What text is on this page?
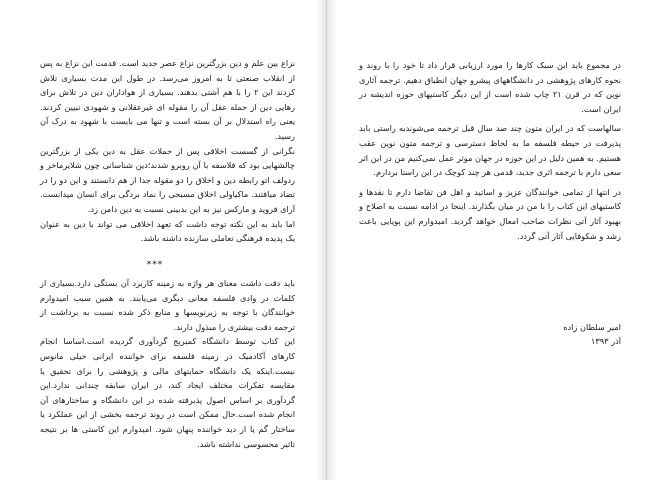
نزاع بین علم و دین بزرگترین نزاع عصر جدید است. قدمت این نزاع به پس از انقلاب صنعتی تا به امروز می‌رسد. در طول این مدت بسیاری تلاش کردند این ۲ را با هم آشتی بدهند. بسیاری از هواداران دین در تلاش برای رهایی دین از حمله عقل آن را مقوله ای غیرعقلانی و شهودی تبیین کردند. یعنی راه استدلال بر آن بسته است و تنها می بایست با شهود به درک آن رسید.

نگرانی از گسست اخلاقی پس از حملات عقل به دین یکی از بزرگترین چالشهایی بود که فلاسفه با آن روبرو شدند؛دین شناسانی چون شلایرماخر و ردولف اتو رابطه دین و اخلاق را دو مقوله جدا از هم دانستند و این دو را در تضاد میافتند. ماکیاولی اخلاق مسیحی را نماد بردگی برای انسان میدانست. آرای فروید و مارکس نیز به این بدبینی نسبت به دین دامن زد.

اما باید به این نکته توجه داشت که تعهد اخلاقی می تواند با دین به عنوان یک پدیده فرهنگی تعاملی سازنده داشته باشد.

***

باید دقت داشت معنای هر واژه به زمینه کاربرد آن بستگی دارد.بسیاری از کلمات در وادی فلسفه معانی دیگری می‌یابند. به همین سبب امیدوارم خوانندگان با توجه به زیرنویسها و منابع ذکر شده نسبت به برداشت از ترجمه دقت بیشتری را مبذول دارند.

این کتاب توسط دانشگاه کمبریج گردآوری گردیده است.اساسا انجام کارهای آکادمیک در زمینه فلسفه برای خواننده ایرانی خیلی مانوس نیست.اینکه یک دانشگاه حمایتهای مالی و پژوهشی را برای تحقیق یا مقایسه تفکرات مختلف ایجاد کند، در ایران سابقه چندانی ندارد.این گردآوری بر اساس اصول پذیرفته شده در این دانشگاه و ساختارهای آن انجام شده است.حال ممکن است در روند ترجمه بخشی از این عملکرد یا ساختار گم یا از دید خواننده پنهان شود. امیدوارم این کاستی ها بر نتیجه تاثیر محسوسی نداشته باشد.

در مجموع باید این سبک کارها را مورد ارزیابی قرار داد تا خود را با روند و نحوه کارهای پژوهشی در دانشگاههای پیشرو جهان انطباق دهیم. ترجمه آثاری نوین که در قرن ۲۱ چاپ شده است از این دیگر کاستیهای حوزه اندیشه در ایران است.

سالهاست که در ایران متون چند صد سال قبل ترجمه می‌شوندبه راستی باید پذیرفت در حیطه فلسفه ما به لحاظ دسترسی و ترجمه متون نوین عقب هستیم. به همین دلیل در این حوزه در جهان موثر عمل نمی‌کنیم من در این اثر سعی دارم با ترجمه اثری جدید، قدمی هر چند کوچک در این راستا بردارم.

در انتها از تمامی خوانندگان عزیز و اساتید و اهل فن تقاضا دارم تا نقدها و کاستیهای این کتاب را با من در میان بگذارند. اینجا در ادامه نسبت به اصلاح و بهبود آثار آتی نظرات صاحب امعال خواهد گردید. امیدوارم این پویایی باعث رشد و شکوفایی آثار آتی گردد.

امیر سلطان زاده
آذر ۱۳۹۳
